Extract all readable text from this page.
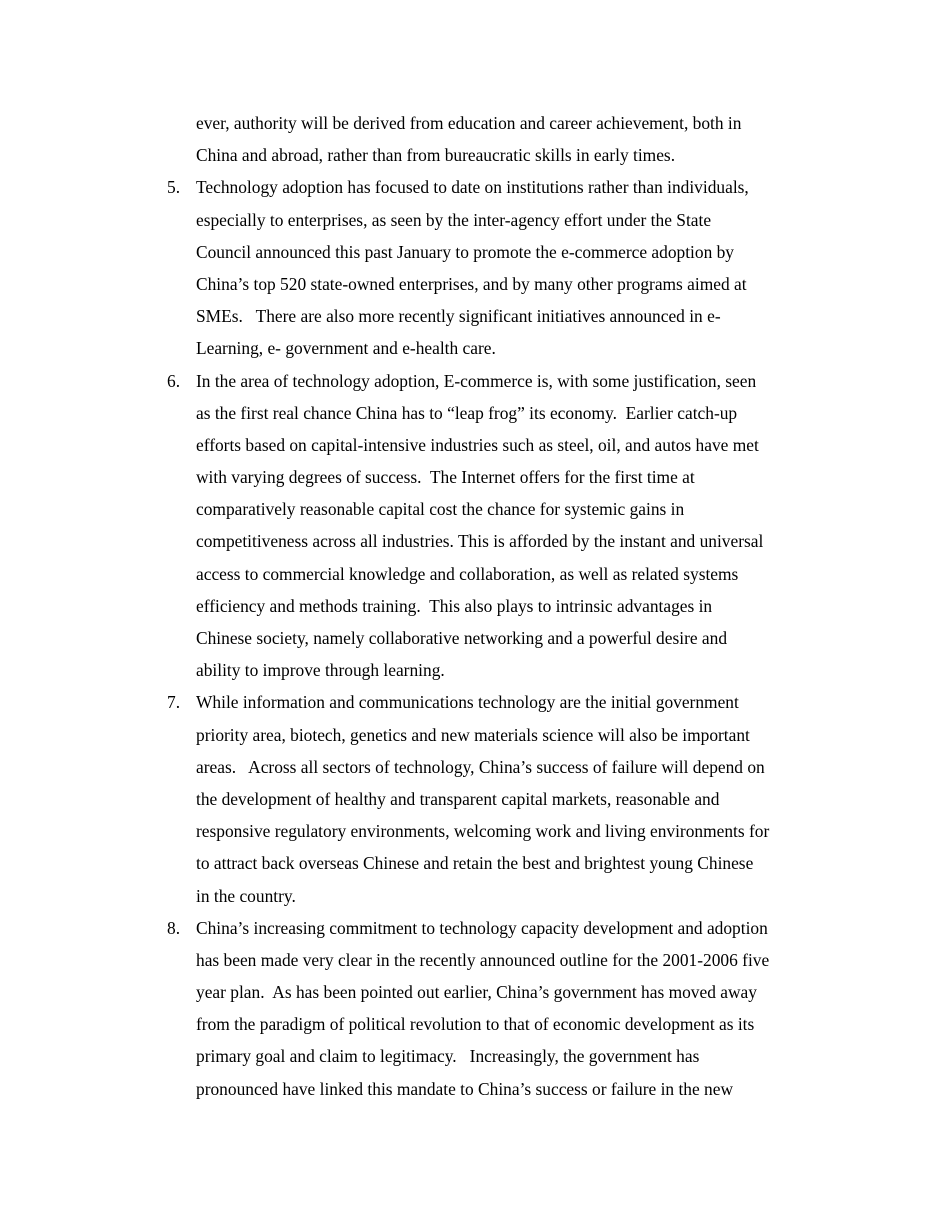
ever, authority will be derived from education and career achievement, both in
China and abroad, rather than from bureaucratic skills in early times.
5. Technology adoption has focused to date on institutions rather than individuals,
especially to enterprises, as seen by the inter-agency effort under the State
Council announced this past January to promote the e-commerce adoption by
China’s top 520 state-owned enterprises, and by many other programs aimed at
SMEs.   There are also more recently significant initiatives announced in e-
Learning, e- government and e-health care.
6. In the area of technology adoption, E-commerce is, with some justification, seen
as the first real chance China has to “leap frog” its economy.  Earlier catch-up
efforts based on capital-intensive industries such as steel, oil, and autos have met
with varying degrees of success.  The Internet offers for the first time at
comparatively reasonable capital cost the chance for systemic gains in
competitiveness across all industries. This is afforded by the instant and universal
access to commercial knowledge and collaboration, as well as related systems
efficiency and methods training.  This also plays to intrinsic advantages in
Chinese society, namely collaborative networking and a powerful desire and
ability to improve through learning.
7. While information and communications technology are the initial government
priority area, biotech, genetics and new materials science will also be important
areas.   Across all sectors of technology, China’s success of failure will depend on
the development of healthy and transparent capital markets, reasonable and
responsive regulatory environments, welcoming work and living environments for
to attract back overseas Chinese and retain the best and brightest young Chinese
in the country.
8. China’s increasing commitment to technology capacity development and adoption
has been made very clear in the recently announced outline for the 2001-2006 five
year plan.  As has been pointed out earlier, China’s government has moved away
from the paradigm of political revolution to that of economic development as its
primary goal and claim to legitimacy.   Increasingly, the government has
pronounced have linked this mandate to China’s success or failure in the new
